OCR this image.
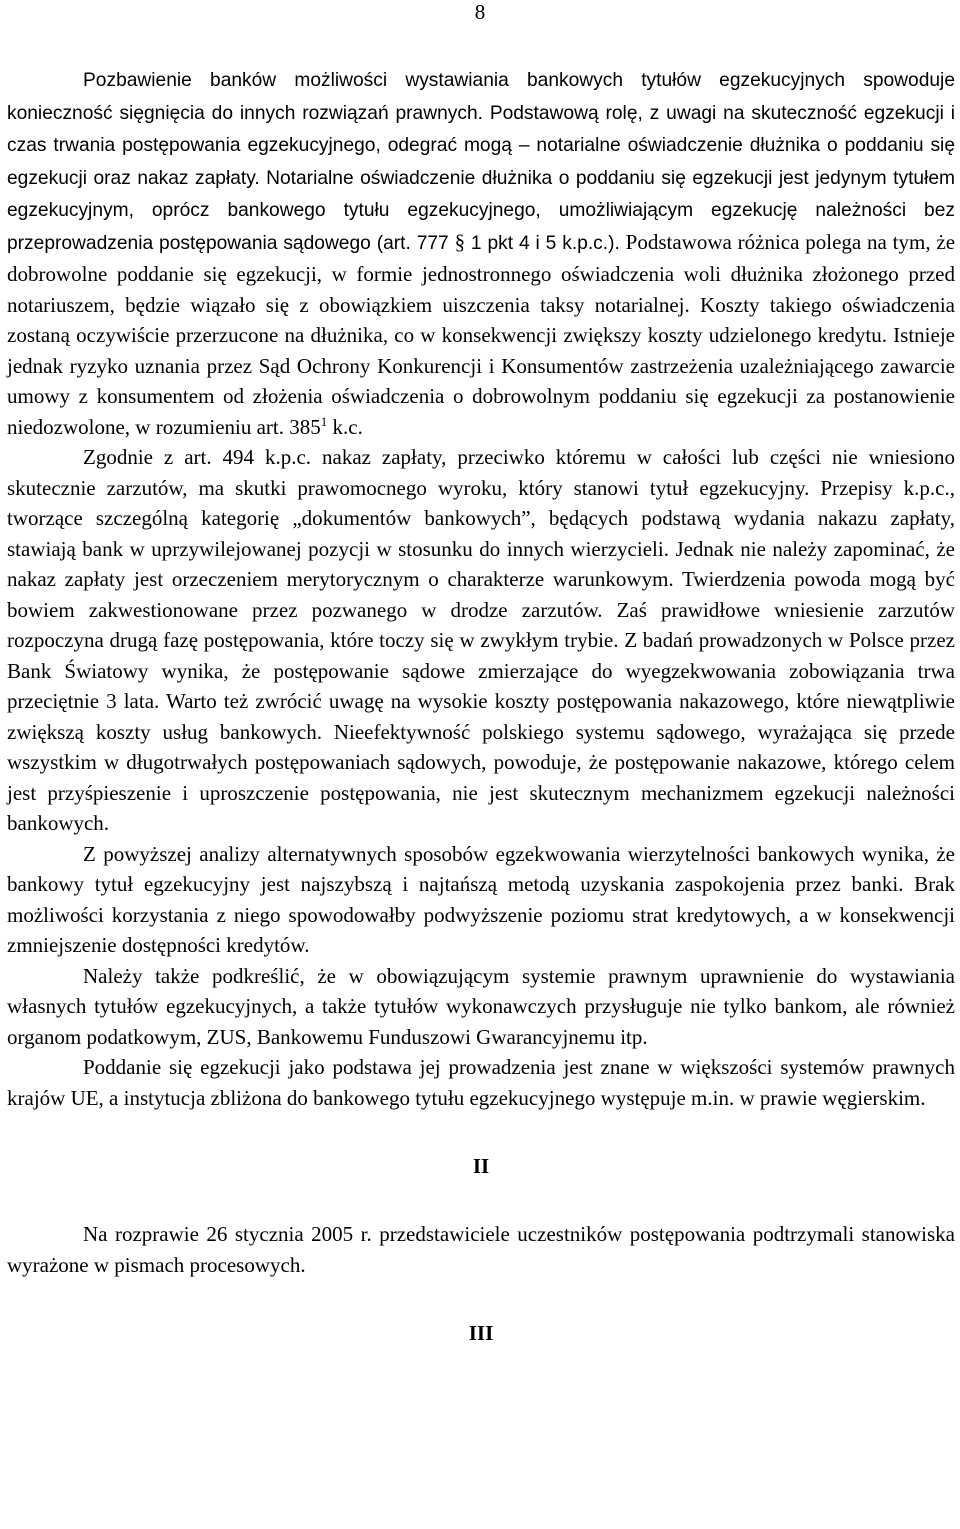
8

Pozbawienie banków możliwości wystawiania bankowych tytułów egzekucyjnych spowoduje konieczność sięgnięcia do innych rozwiązań prawnych. Podstawową rolę, z uwagi na skuteczność egzekucji i czas trwania postępowania egzekucyjnego, odegrać mogą – notarialne oświadczenie dłużnika o poddaniu się egzekucji oraz nakaz zapłaty. Notarialne oświadczenie dłużnika o poddaniu się egzekucji jest jedynym tytułem egzekucyjnym, oprócz bankowego tytułu egzekucyjnego, umożliwiającym egzekucję należności bez przeprowadzenia postępowania sądowego (art. 777 § 1 pkt 4 i 5 k.p.c.). Podstawowa różnica polega na tym, że dobrowolne poddanie się egzekucji, w formie jednostronnego oświadczenia woli dłużnika złożonego przed notariuszem, będzie wiązało się z obowiązkiem uiszczenia taksy notarialnej. Koszty takiego oświadczenia zostaną oczywiście przerzucone na dłużnika, co w konsekwencji zwiększy koszty udzielonego kredytu. Istnieje jednak ryzyko uznania przez Sąd Ochrony Konkurencji i Konsumentów zastrzeżenia uzależniającego zawarcie umowy z konsumentem od złożenia oświadczenia o dobrowolnym poddaniu się egzekucji za postanowienie niedozwolone, w rozumieniu art. $385^1$ k.c.

Zgodnie z art. 494 k.p.c. nakaz zapłaty, przeciwko któremu w całości lub części nie wniesiono skutecznie zarzutów, ma skutki prawomocnego wyroku, który stanowi tytuł egzekucyjny. Przepisy k.p.c., tworzące szczególną kategorię „dokumentów bankowych”, będących podstawą wydania nakazu zapłaty, stawiają bank w uprzywilejowanej pozycji w stosunku do innych wierzycieli. Jednak nie należy zapominać, że nakaz zapłaty jest orzeczeniem merytorycznym o charakterze warunkowym. Twierdzenia powoda mogą być bowiem zakwestionowane przez pozwanego w drodze zarzutów. Zaś prawidłowe wniesienie zarzutów rozpoczyna drugą fazę postępowania, które toczy się w zwykłym trybie. Z badań prowadzonych w Polsce przez Bank Światowy wynika, że postępowanie sądowe zmierzające do wyegzekwowania zobowiązania trwa przeciętnie 3 lata. Warto też zwrócić uwagę na wysokie koszty postępowania nakazowego, które niewątpliwie zwiększą koszty usług bankowych. Nieefektywność polskiego systemu sądowego, wyrażająca się przede wszystkim w długotrwałych postępowaniach sądowych, powoduje, że postępowanie nakazowe, którego celem jest przyśpieszenie i uproszczenie postępowania, nie jest skutecznym mechanizmem egzekucji należności bankowych.

Z powyższej analizy alternatywnych sposobów egzekwowania wierzytelności bankowych wynika, że bankowy tytuł egzekucyjny jest najszybszą i najtańszą metodą uzyskania zaspokojenia przez banki. Brak możliwości korzystania z niego spowodowałby podwyższenie poziomu strat kredytowych, a w konsekwencji zmniejszenie dostępności kredytów.

Należy także podkreślić, że w obowiązującym systemie prawnym uprawnienie do wystawiania własnych tytułów egzekucyjnych, a także tytułów wykonawczych przysługuje nie tylko bankom, ale również organom podatkowym, ZUS, Bankowemu Funduszowi Gwarancyjnemu itp.

Poddanie się egzekucji jako podstawa jej prowadzenia jest znane w większości systemów prawnych krajów UE, a instytucja zbliżona do bankowego tytułu egzekucyjnego występuje m.in. w prawie węgierskim.

II

Na rozprawie 26 stycznia 2005 r. przedstawiciele uczestników postępowania podtrzymali stanowiska wyrażone w pismach procesowych.

III
